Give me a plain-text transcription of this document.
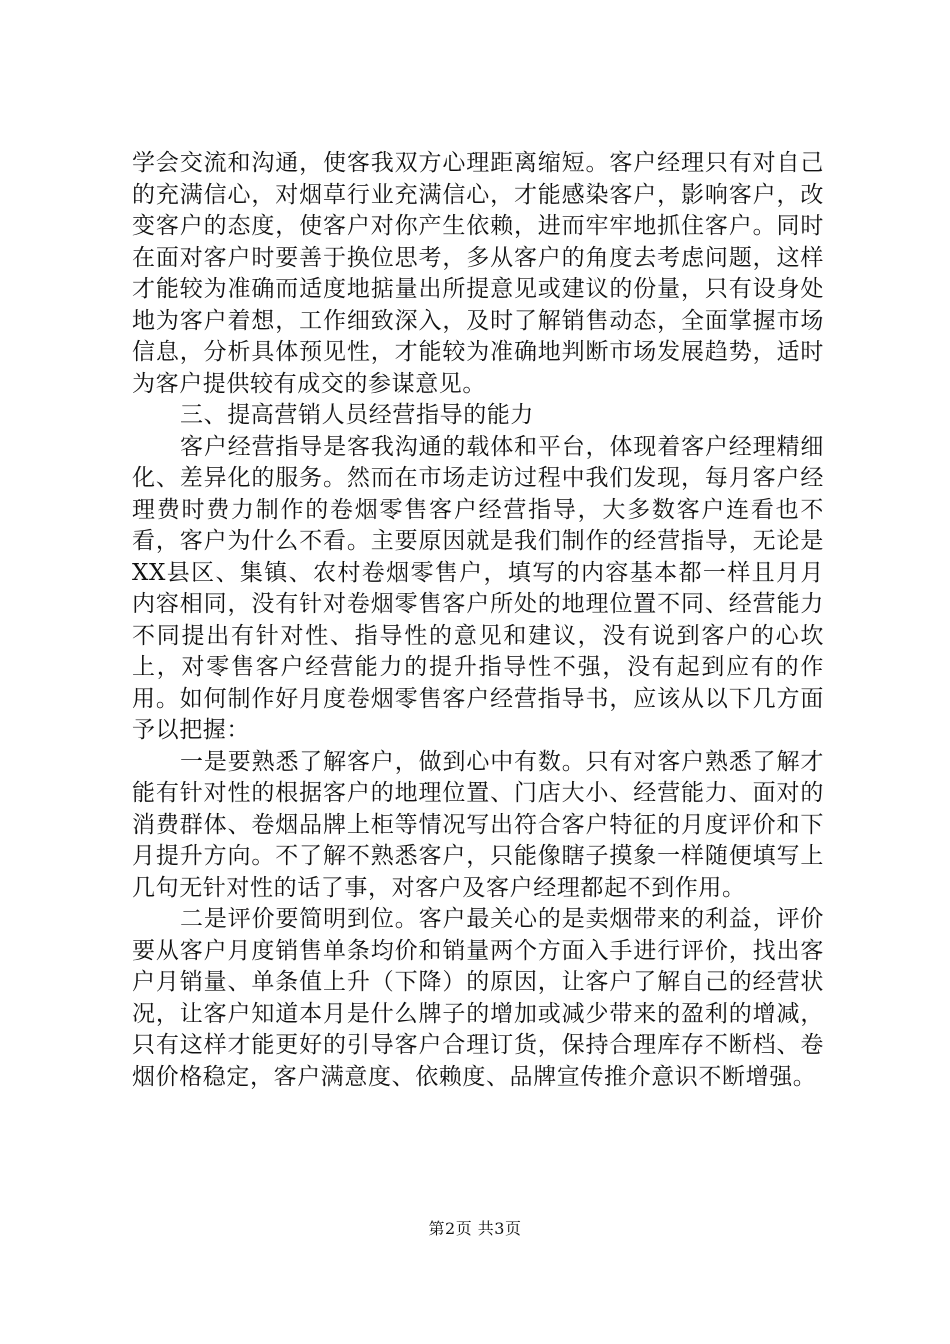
学会交流和沟通，使客我双方心理距离缩短。客户经理只有对自己的充满信心，对烟草行业充满信心，才能感染客户，影响客户，改变客户的态度，使客户对你产生依赖，进而牢牢地抓住客户。同时在面对客户时要善于换位思考，多从客户的角度去考虑问题，这样才能较为准确而适度地掂量出所提意见或建议的份量，只有设身处地为客户着想，工作细致深入，及时了解销售动态，全面掌握市场信息，分析具体预见性，才能较为准确地判断市场发展趋势，适时为客户提供较有成交的参谋意见。

三、提高营销人员经营指导的能力

客户经营指导是客我沟通的载体和平台，体现着客户经理精细化、差异化的服务。然而在市场走访过程中我们发现，每月客户经理费时费力制作的卷烟零售客户经营指导，大多数客户连看也不看，客户为什么不看。主要原因就是我们制作的经营指导，无论是XX县区、集镇、农村卷烟零售户，填写的内容基本都一样且月月内容相同，没有针对卷烟零售客户所处的地理位置不同、经营能力不同提出有针对性、指导性的意见和建议，没有说到客户的心坎上，对零售客户经营能力的提升指导性不强，没有起到应有的作用。如何制作好月度卷烟零售客户经营指导书，应该从以下几方面予以把握：

一是要熟悉了解客户，做到心中有数。只有对客户熟悉了解才能有针对性的根据客户的地理位置、门店大小、经营能力、面对的消费群体、卷烟品牌上柜等情况写出符合客户特征的月度评价和下月提升方向。不了解不熟悉客户，只能像瞎子摸象一样随便填写上几句无针对性的话了事，对客户及客户经理都起不到作用。

二是评价要简明到位。客户最关心的是卖烟带来的利益，评价要从客户月度销售单条均价和销量两个方面入手进行评价，找出客户月销量、单条值上升（下降）的原因，让客户了解自己的经营状况，让客户知道本月是什么牌子的增加或减少带来的盈利的增减，只有这样才能更好的引导客户合理订货，保持合理库存不断档、卷烟价格稳定，客户满意度、依赖度、品牌宣传推介意识不断增强。

第2页 共3页
